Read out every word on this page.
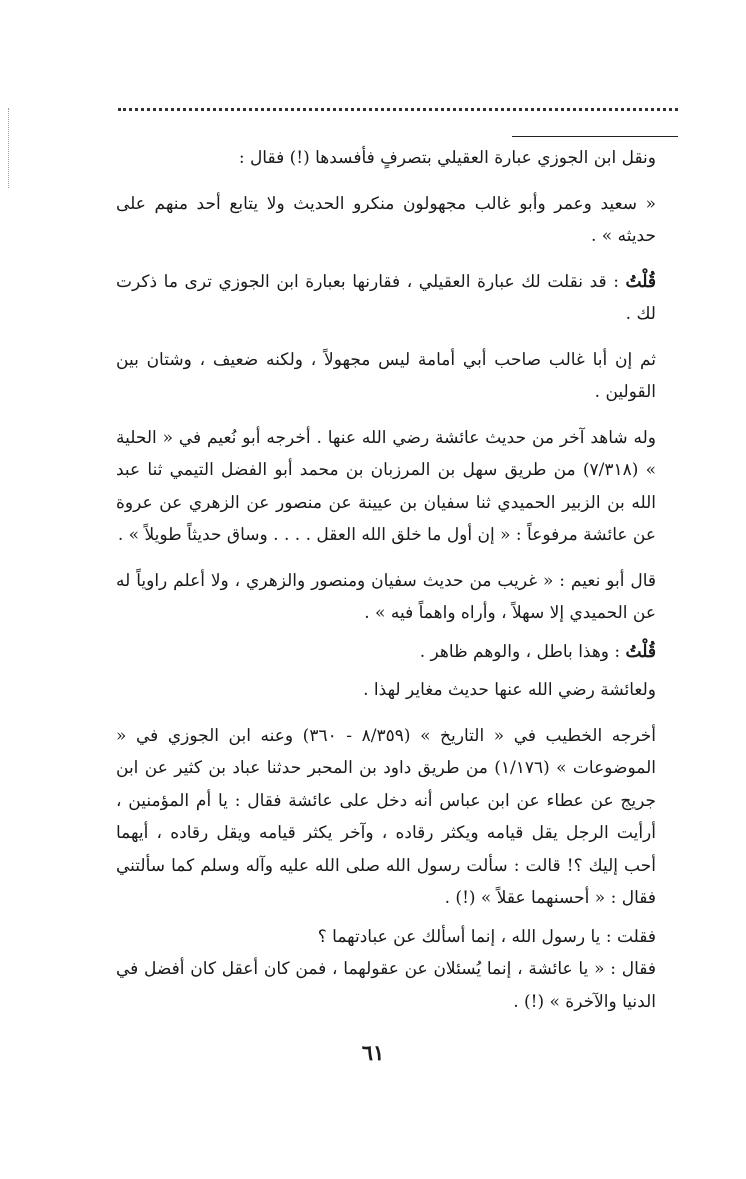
ونقل ابن الجوزي عبارة العقيلي بتصرفٍ فأفسدها (!) فقال :

« سعيد وعمر وأبو غالب مجهولون منكرو الحديث ولا يتابع أحد منهم على حديثه » .

قُلْتُ : قد نقلت لك عبارة العقيلي ، فقارنها بعبارة ابن الجوزي ترى ما ذكرت لك .

ثم إن أبا غالب صاحب أبي أمامة ليس مجهولاً ، ولكنه ضعيف ، وشتان بين القولين .

وله شاهد آخر من حديث عائشة رضي الله عنها . أخرجه أبو نُعيم في « الحلية » (٧/٣١٨) من طريق سهل بن المرزبان بن محمد أبو الفضل التيمي ثنا عبد الله بن الزبير الحميدي ثنا سفيان بن عيينة عن منصور عن الزهري عن عروة عن عائشة مرفوعاً : « إن أول ما خلق الله العقل . . . . وساق حديثاً طويلاً » .

قال أبو نعيم : « غريب من حديث سفيان ومنصور والزهري ، ولا أعلم راوياً له عن الحميدي إلا سهلاً ، وأراه واهماً فيه » .

قُلْتُ : وهذا باطل ، والوهم ظاهر .

ولعائشة رضي الله عنها حديث مغاير لهذا .

أخرجه الخطيب في « التاريخ » (٨/٣٥٩ - ٣٦٠) وعنه ابن الجوزي في « الموضوعات » (١/١٧٦) من طريق داود بن المحبر حدثنا عباد بن كثير عن ابن جريج عن عطاء عن ابن عباس أنه دخل على عائشة فقال : يا أم المؤمنين ، أرأيت الرجل يقل قيامه ويكثر رقاده ، وآخر يكثر قيامه ويقل رقاده ، أيهما أحب إليك ؟! قالت : سألت رسول الله صلى الله عليه وآله وسلم كما سألتني فقال : « أحسنهما عقلاً » (!) .

فقلت : يا رسول الله ، إنما أسألك عن عبادتهما ؟

فقال : « يا عائشة ، إنما يُسئلان عن عقولهما ، فمن كان أعقل كان أفضل في الدنيا والآخرة » (!) .

٦١
